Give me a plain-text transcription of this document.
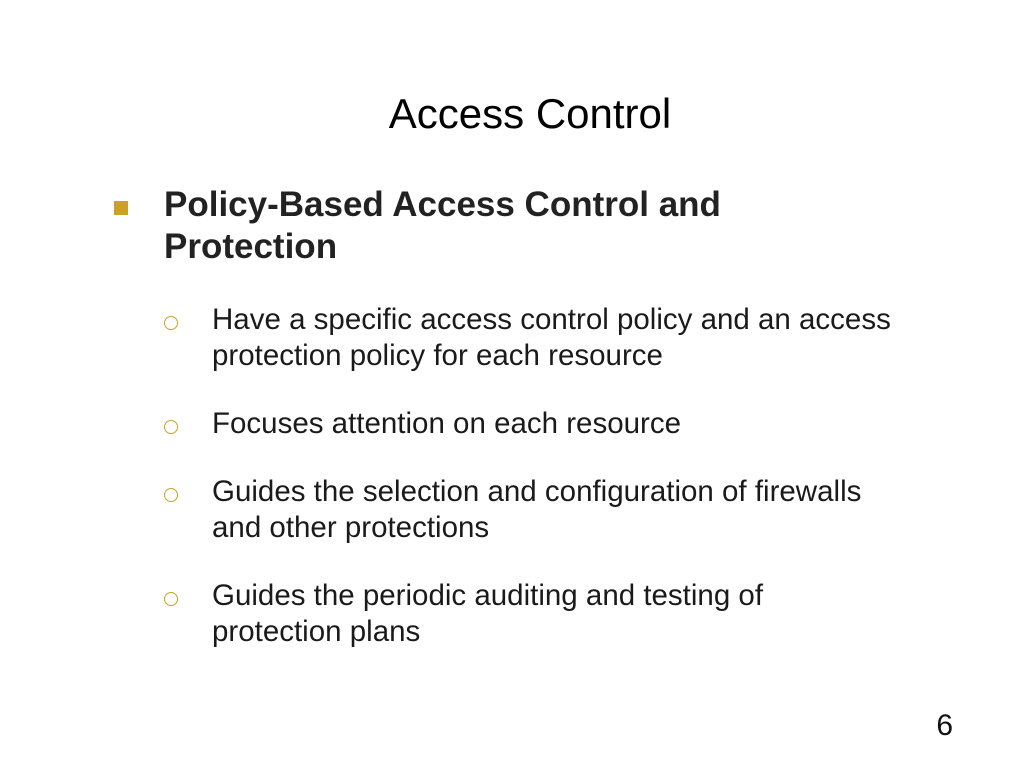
Access Control
Policy-Based Access Control and Protection
Have a specific access control policy and an access protection policy for each resource
Focuses attention on each resource
Guides the selection and configuration of firewalls and other protections
Guides the periodic auditing and testing of protection plans
6
